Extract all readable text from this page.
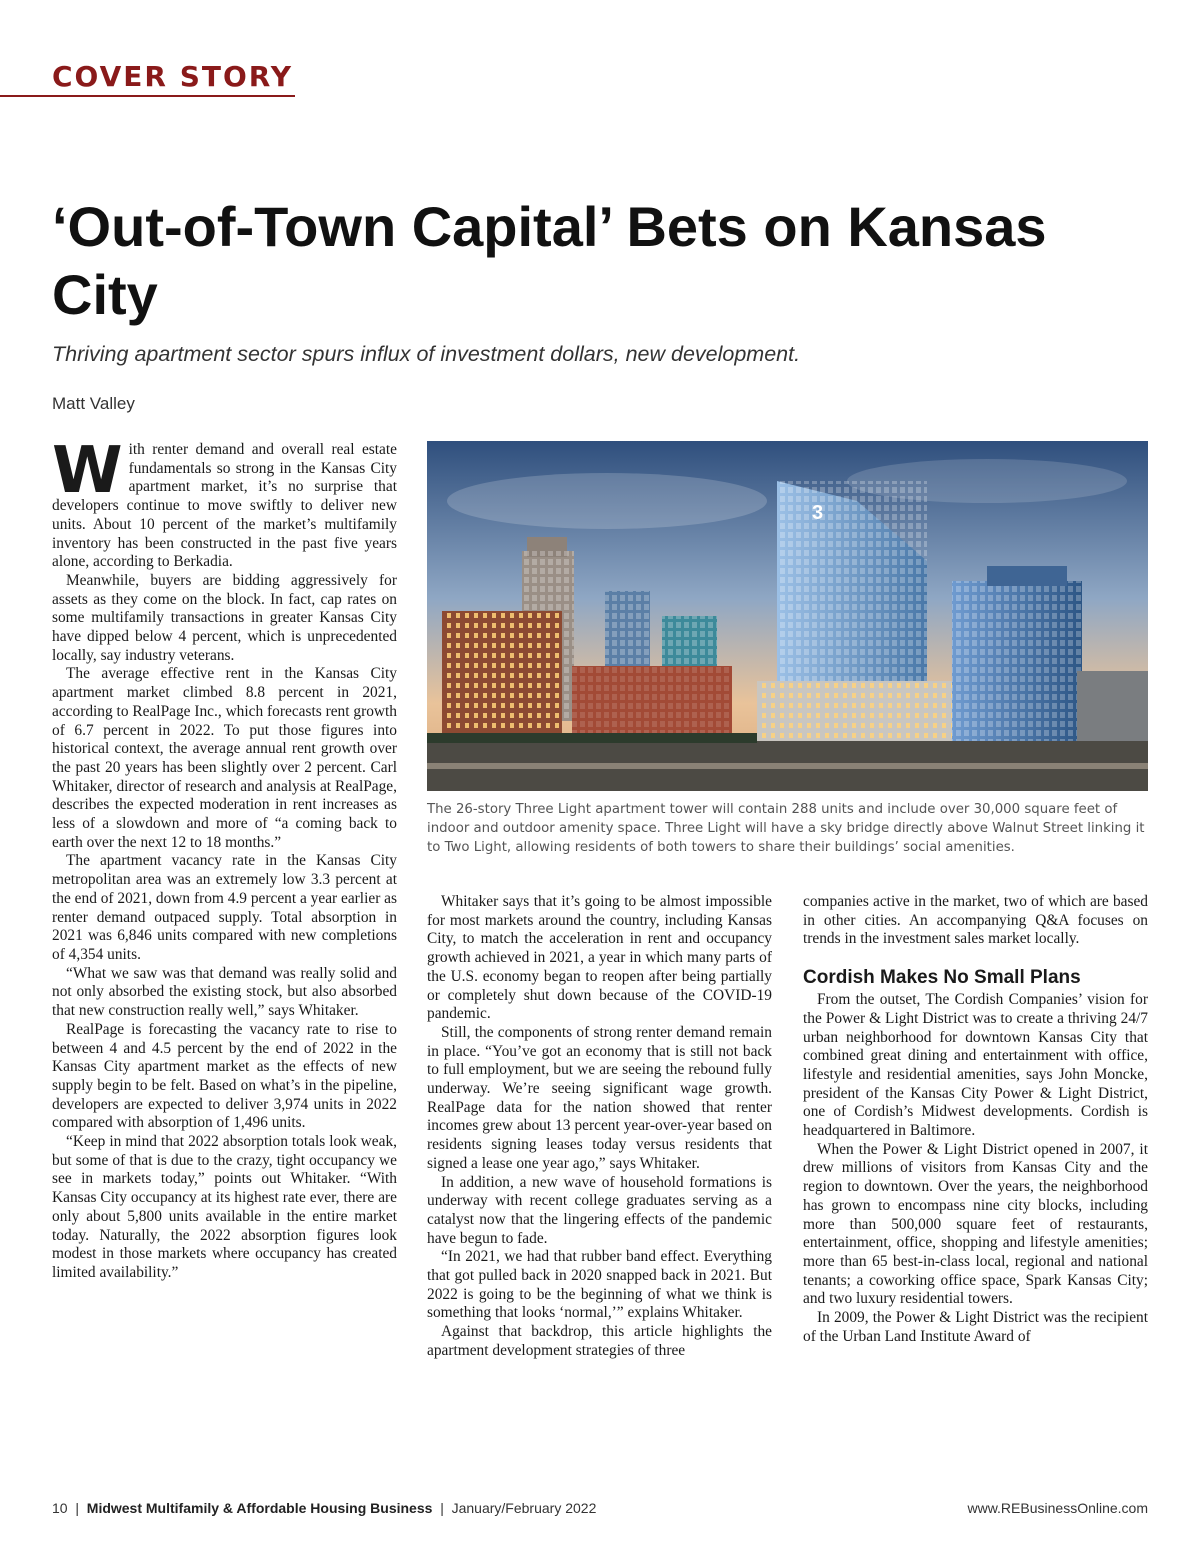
COVER STORY
‘Out-of-Town Capital’ Bets on Kansas City
Thriving apartment sector spurs influx of investment dollars, new development.
Matt Valley

With renter demand and overall real estate fundamentals so strong in the Kansas City apartment market, it’s no surprise that developers continue to move swiftly to deliver new units. About 10 percent of the market’s multifamily inventory has been constructed in the past five years alone, according to Berkadia.

Meanwhile, buyers are bidding aggressively for assets as they come on the block. In fact, cap rates on some multifamily transactions in greater Kansas City have dipped below 4 percent, which is unprecedented locally, say industry veterans.

The average effective rent in the Kansas City apartment market climbed 8.8 percent in 2021, according to RealPage Inc., which forecasts rent growth of 6.7 percent in 2022. To put those figures into historical context, the average annual rent growth over the past 20 years has been slightly over 2 percent. Carl Whitaker, director of research and analysis at RealPage, describes the expected moderation in rent increases as less of a slowdown and more of “a coming back to earth over the next 12 to 18 months.”

The apartment vacancy rate in the Kansas City metropolitan area was an extremely low 3.3 percent at the end of 2021, down from 4.9 percent a year earlier as renter demand outpaced supply. Total absorption in 2021 was 6,846 units compared with new completions of 4,354 units.

“What we saw was that demand was really solid and not only absorbed the existing stock, but also absorbed that new construction really well,” says Whitaker.

RealPage is forecasting the vacancy rate to rise to between 4 and 4.5 percent by the end of 2022 in the Kansas City apartment market as the effects of new supply begin to be felt. Based on what’s in the pipeline, developers are expected to deliver 3,974 units in 2022 compared with absorption of 1,496 units.

“Keep in mind that 2022 absorption totals look weak, but some of that is due to the crazy, tight occupancy we see in markets today,” points out Whitaker. “With Kansas City occupancy at its highest rate ever, there are only about 5,800 units available in the entire market today. Naturally, the 2022 absorption figures look modest in those markets where occupancy has created limited availability.”

3
The 26-story Three Light apartment tower will contain 288 units and include over 30,000 square feet of indoor and outdoor amenity space. Three Light will have a sky bridge directly above Walnut Street linking it to Two Light, allowing residents of both towers to share their buildings’ social amenities.

Whitaker says that it’s going to be almost impossible for most markets around the country, including Kansas City, to match the acceleration in rent and occupancy growth achieved in 2021, a year in which many parts of the U.S. economy began to reopen after being partially or completely shut down because of the COVID-19 pandemic.

Still, the components of strong renter demand remain in place. “You’ve got an economy that is still not back to full employment, but we are seeing the rebound fully underway. We’re seeing significant wage growth. RealPage data for the nation showed that renter incomes grew about 13 percent year-over-year based on residents signing leases today versus residents that signed a lease one year ago,” says Whitaker.

In addition, a new wave of household formations is underway with recent college graduates serving as a catalyst now that the lingering effects of the pandemic have begun to fade.

“In 2021, we had that rubber band effect. Everything that got pulled back in 2020 snapped back in 2021. But 2022 is going to be the beginning of what we think is something that looks ‘normal,’” explains Whitaker.

Against that backdrop, this article highlights the apartment development strategies of three

companies active in the market, two of which are based in other cities. An accompanying Q&A focuses on trends in the investment sales market locally.

Cordish Makes No Small Plans

From the outset, The Cordish Companies’ vision for the Power & Light District was to create a thriving 24/7 urban neighborhood for downtown Kansas City that combined great dining and entertainment with office, lifestyle and residential amenities, says John Moncke, president of the Kansas City Power & Light District, one of Cordish’s Midwest developments. Cordish is headquartered in Baltimore.

When the Power & Light District opened in 2007, it drew millions of visitors from Kansas City and the region to downtown. Over the years, the neighborhood has grown to encompass nine city blocks, including more than 500,000 square feet of restaurants, entertainment, office, shopping and lifestyle amenities; more than 65 best-in-class local, regional and national tenants; a coworking office space, Spark Kansas City; and two luxury residential towers.

In 2009, the Power & Light District was the recipient of the Urban Land Institute Award of

10 | Midwest Multifamily & Affordable Housing Business | January/February 2022	www.REBusinessOnline.com
